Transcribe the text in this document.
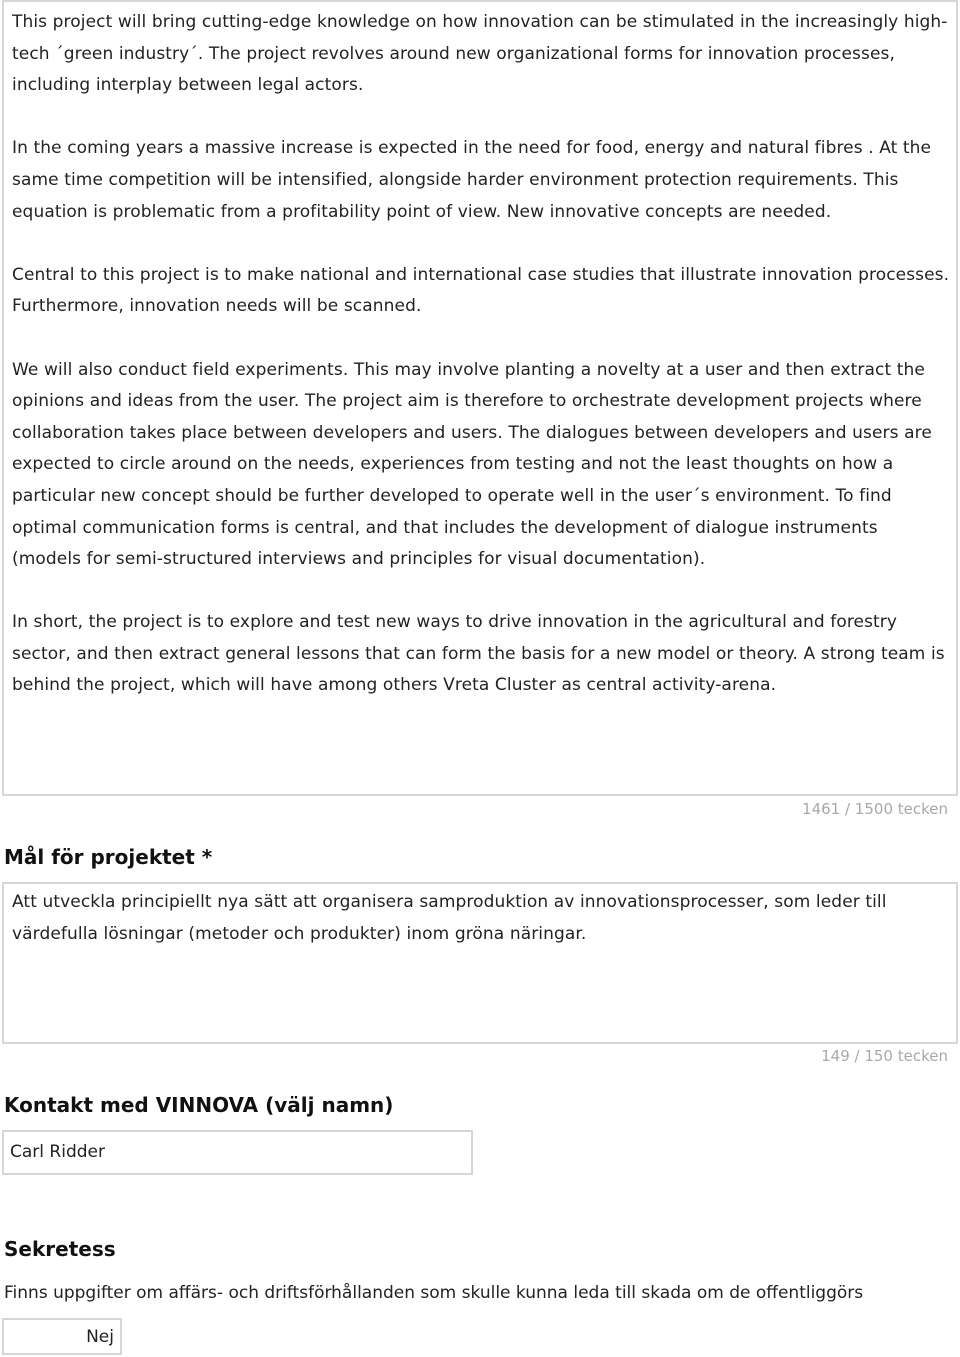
This project will bring cutting-edge knowledge on how innovation can be stimulated in the increasingly high-tech ´green industry´. The project revolves around new organizational forms for innovation processes, including interplay between legal actors.

In the coming years a massive increase is expected in the need for food, energy and natural fibres . At the same time competition will be intensified, alongside harder environment protection requirements. This equation is problematic from a profitability point of view. New innovative concepts are needed.

Central to this project is to make national and international case studies that illustrate innovation processes. Furthermore, innovation needs will be scanned.

We will also conduct field experiments. This may involve planting a novelty at a user and then extract the opinions and ideas from the user. The project aim is therefore to orchestrate development projects where collaboration takes place between developers and users. The dialogues between developers and users are expected to circle around on the needs, experiences from testing and not the least thoughts on how a particular new concept should be further developed to operate well in the user´s environment. To find optimal communication forms is central, and that includes the development of dialogue instruments (models for semi-structured interviews and principles for visual documentation).

In short, the project is to explore and test new ways to drive innovation in the agricultural and forestry sector, and then extract general lessons that can form the basis for a new model or theory. A strong team is behind the project, which will have among others Vreta Cluster as central activity-arena.

1461 / 1500 tecken
Mål för projektet *
Att utveckla principiellt nya sätt att organisera samproduktion av innovationsprocesser, som leder till värdefulla lösningar (metoder och produkter) inom gröna näringar.
149 / 150 tecken
Kontakt med VINNOVA (välj namn)
Carl Ridder
Sekretess
Finns uppgifter om affärs- och driftsförhållanden som skulle kunna leda till skada om de offentliggörs
Nej
